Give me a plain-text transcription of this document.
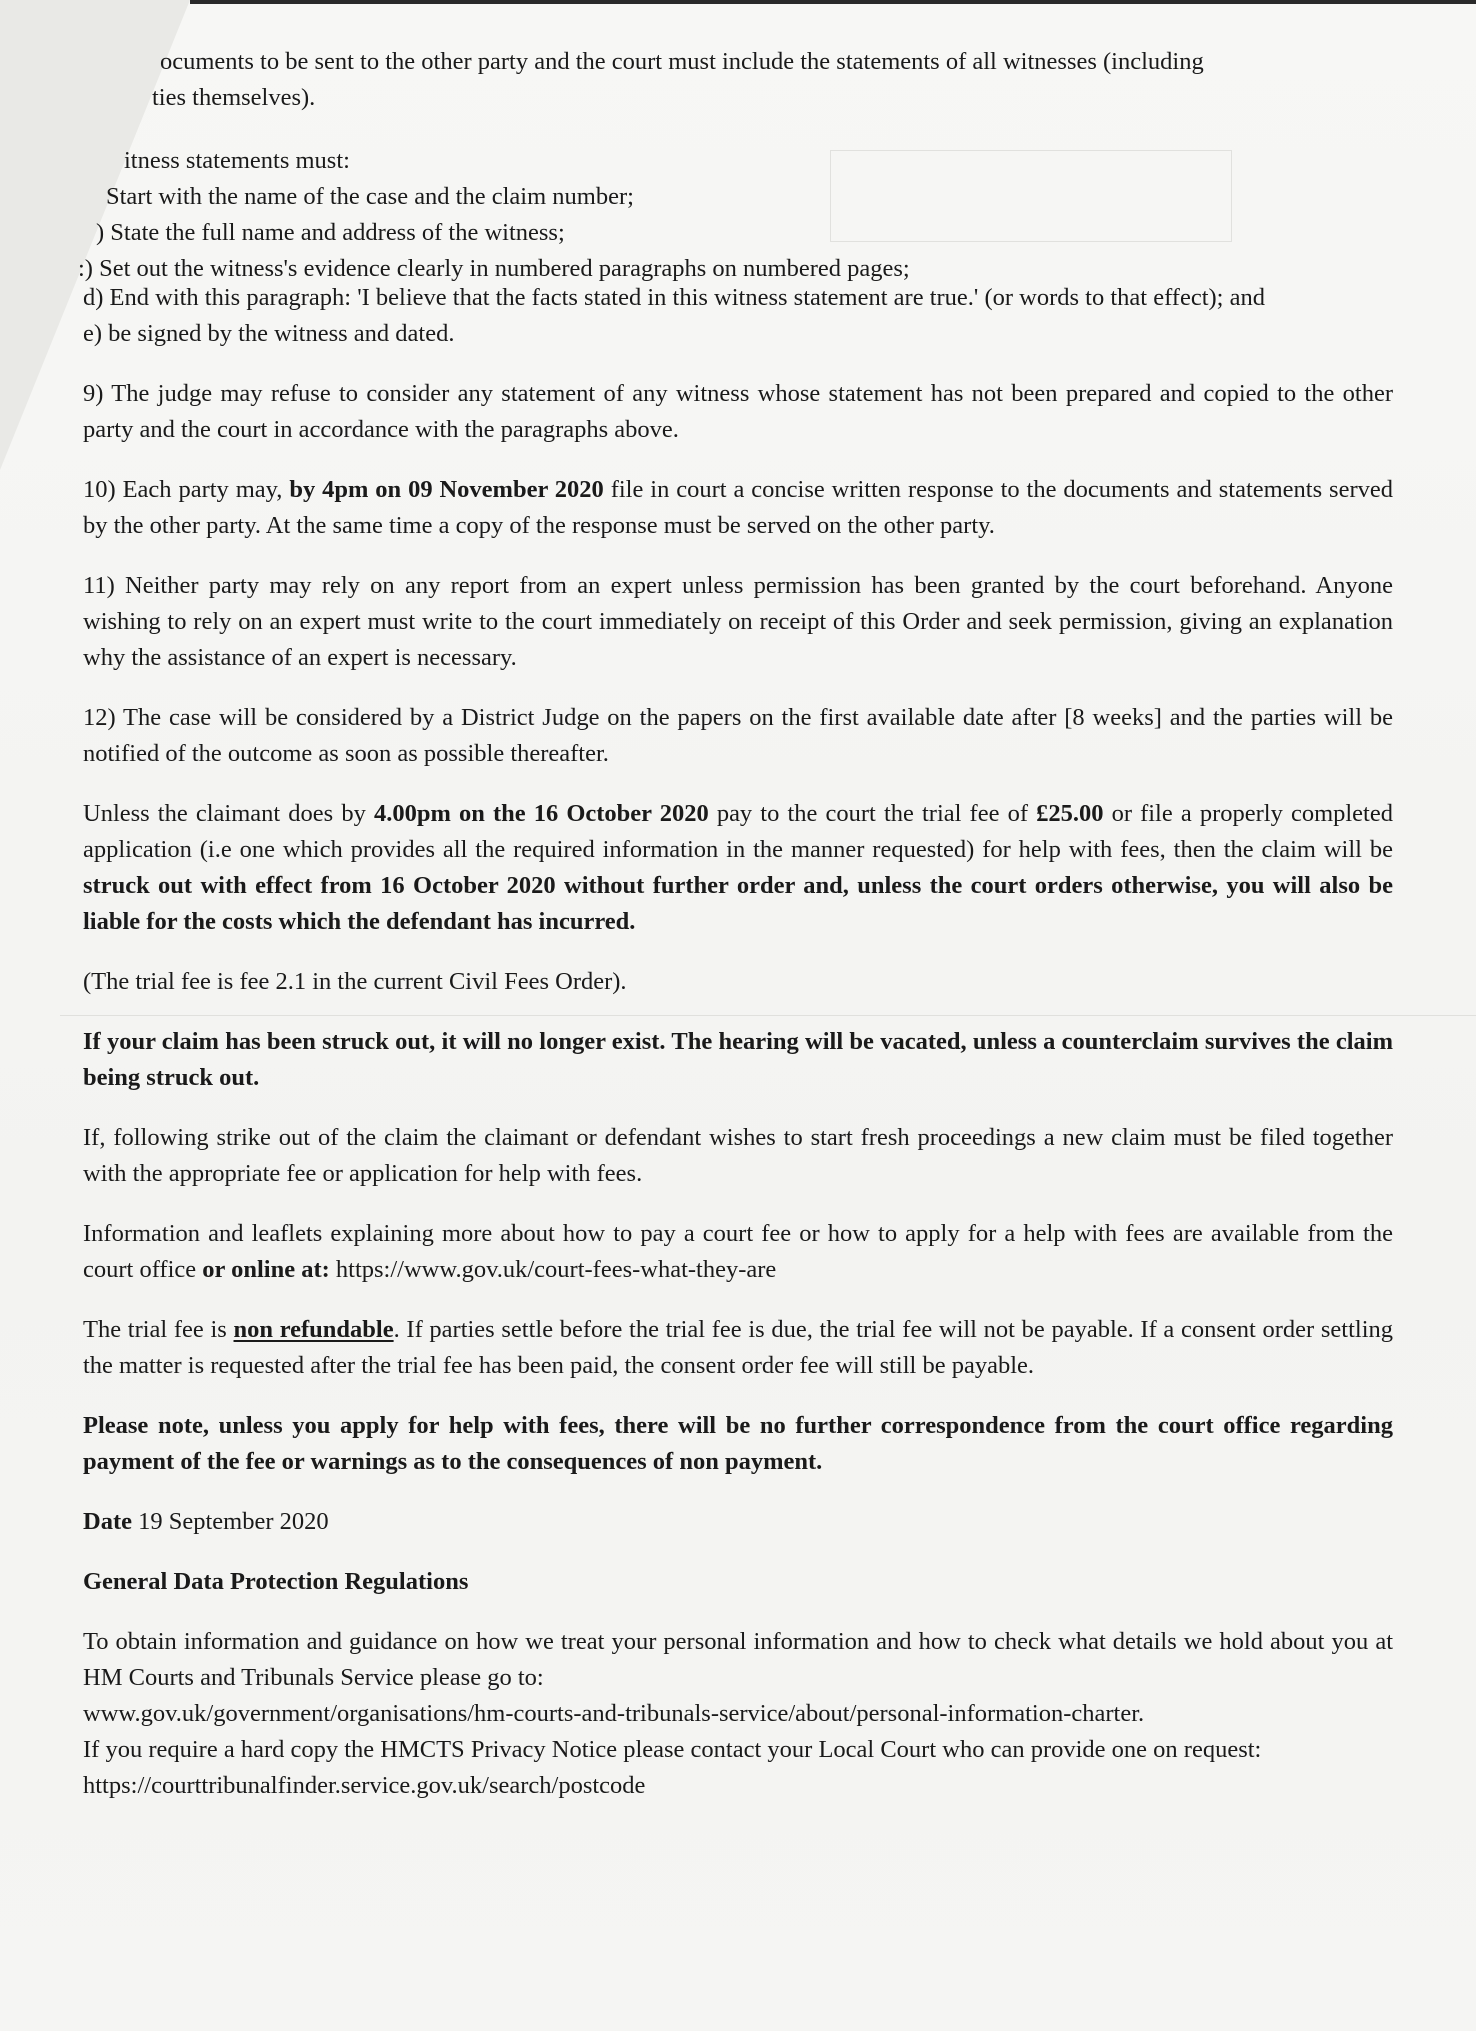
ocuments to be sent to the other party and the court must include the statements of all witnesses (including
ties themselves).
itness statements must:
Start with the name of the case and the claim number;
) State the full name and address of the witness;
:) Set out the witness's evidence clearly in numbered paragraphs on numbered pages;

d) End with this paragraph: 'I believe that the facts stated in this witness statement are true.' (or words to that effect); and

e) be signed by the witness and dated.

9) The judge may refuse to consider any statement of any witness whose statement has not been prepared and copied to the other party and the court in accordance with the paragraphs above.

10) Each party may, by 4pm on 09 November 2020 file in court a concise written response to the documents and statements served by the other party. At the same time a copy of the response must be served on the other party.

11) Neither party may rely on any report from an expert unless permission has been granted by the court beforehand. Anyone wishing to rely on an expert must write to the court immediately on receipt of this Order and seek permission, giving an explanation why the assistance of an expert is necessary.

12) The case will be considered by a District Judge on the papers on the first available date after [8 weeks] and the parties will be notified of the outcome as soon as possible thereafter.

Unless the claimant does by 4.00pm on the 16 October 2020 pay to the court the trial fee of £25.00 or file a properly completed application (i.e one which provides all the required information in the manner requested) for help with fees, then the claim will be struck out with effect from 16 October 2020 without further order and, unless the court orders otherwise, you will also be liable for the costs which the defendant has incurred.

(The trial fee is fee 2.1 in the current Civil Fees Order).

If your claim has been struck out, it will no longer exist. The hearing will be vacated, unless a counterclaim survives the claim being struck out.

If, following strike out of the claim the claimant or defendant wishes to start fresh proceedings a new claim must be filed together with the appropriate fee or application for help with fees.

Information and leaflets explaining more about how to pay a court fee or how to apply for a help with fees are available from the court office or online at: https://www.gov.uk/court-fees-what-they-are

The trial fee is non refundable. If parties settle before the trial fee is due, the trial fee will not be payable. If a consent order settling the matter is requested after the trial fee has been paid, the consent order fee will still be payable.

Please note, unless you apply for help with fees, there will be no further correspondence from the court office regarding payment of the fee or warnings as to the consequences of non payment.

Date 19 September 2020

General Data Protection Regulations

To obtain information and guidance on how we treat your personal information and how to check what details we hold about you at HM Courts and Tribunals Service please go to:

www.gov.uk/government/organisations/hm-courts-and-tribunals-service/about/personal-information-charter.

If you require a hard copy the HMCTS Privacy Notice please contact your Local Court who can provide one on request:

https://courttribunalfinder.service.gov.uk/search/postcode
